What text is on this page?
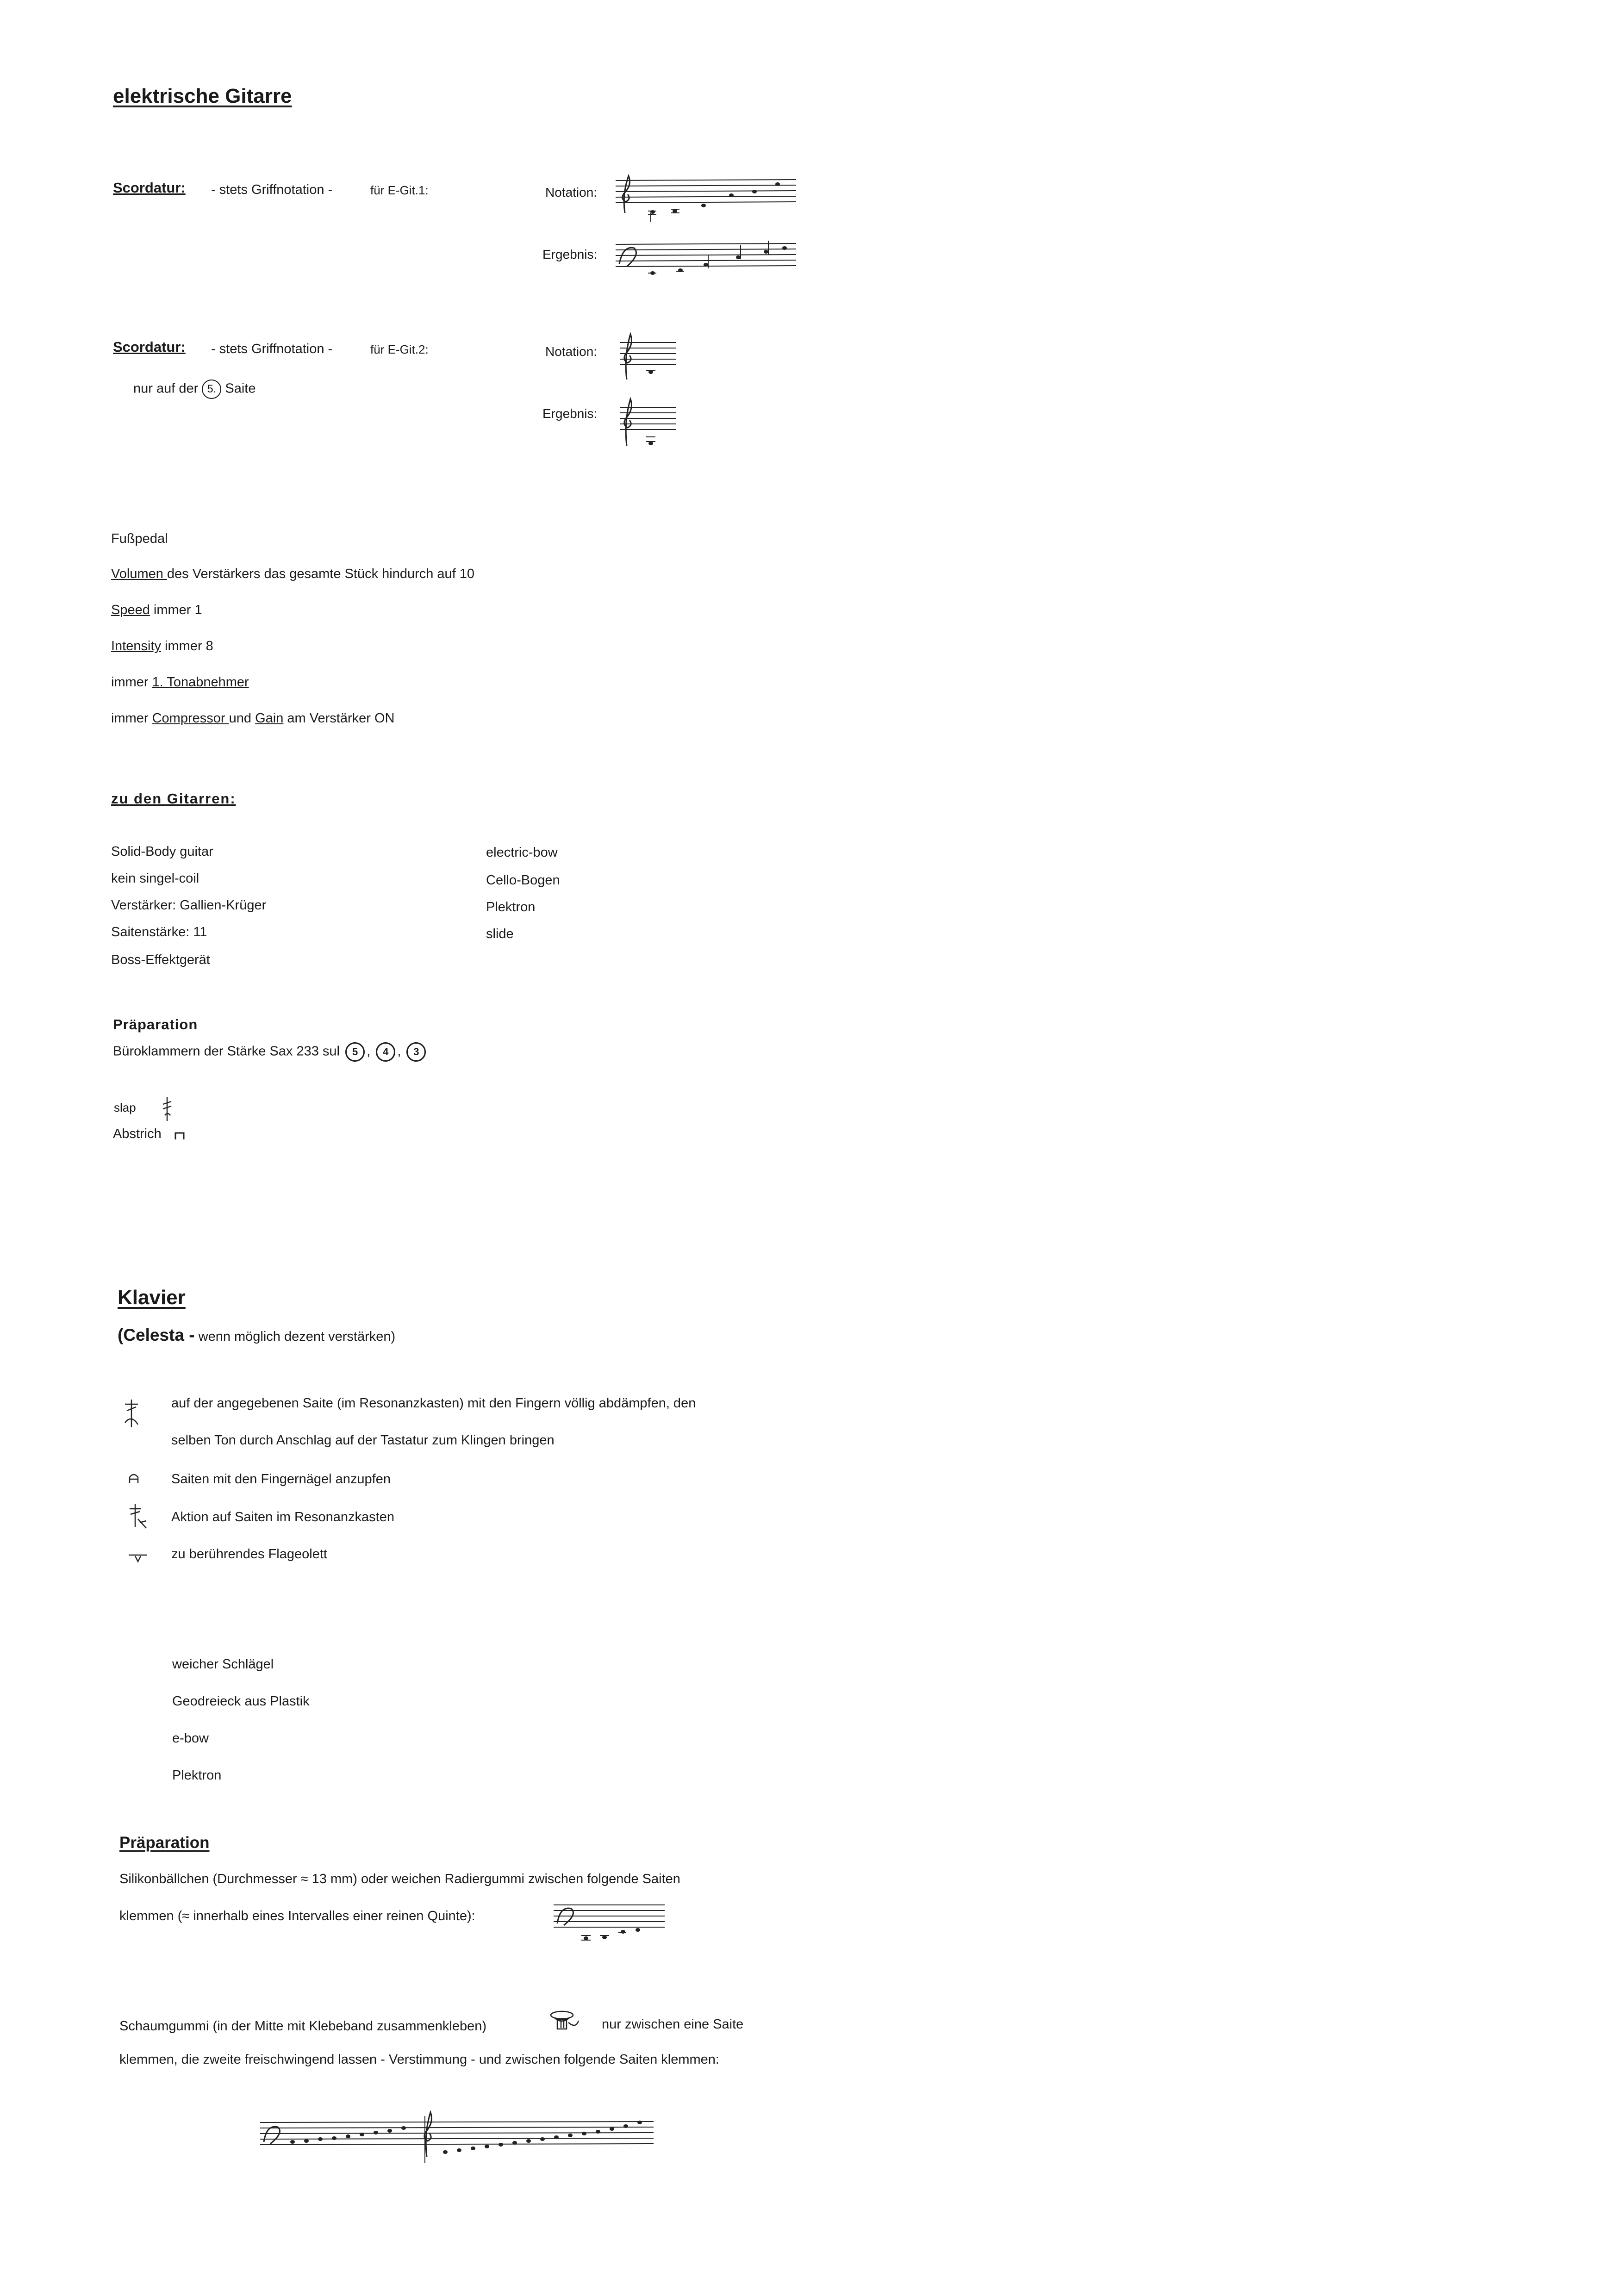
elektrische Gitarre
Scordatur: - stets Griffnotation -	für E-Git.1:	Notation:
Ergebnis:
Scordatur: - stets Griffnotation -	für E-Git.2:
nur auf der 5. Saite
Notation:
Ergebnis:
Fußpedal
Volumen des Verstärkers das gesamte Stück hindurch auf 10
Speed immer 1
Intensity immer 8
immer 1. Tonabnehmer
immer Compressor und Gain am Verstärker ON
zu den Gitarren:
Solid-Body guitar
kein singel-coil
Verstärker: Gallien-Krüger
Saitenstärke: 11
Boss-Effektgerät
electric-bow
Cello-Bogen
Plektron
slide
Präparation
Büroklammern der Stärke Sax 233 sul 5 , 4 , 3
slap
Abstrich
Klavier
(Celesta - wenn möglich dezent verstärken)
auf der angegebenen Saite (im Resonanzkasten) mit den Fingern völlig abdämpfen, den
selben Ton durch Anschlag auf der Tastatur zum Klingen bringen
Saiten mit den Fingernägel anzupfen
Aktion auf Saiten im Resonanzkasten
zu berührendes Flageolett
weicher Schlägel
Geodreieck aus Plastik
e-bow
Plektron
Präparation
Silikonbällchen (Durchmesser ≈ 13 mm) oder weichen Radiergummi zwischen folgende Saiten
klemmen (≈ innerhalb eines Intervalles einer reinen Quinte):
Schaumgummi (in der Mitte mit Klebeband zusammenkleben)	nur zwischen eine Saite
klemmen, die zweite freischwingend lassen - Verstimmung - und zwischen folgende Saiten klemmen:
